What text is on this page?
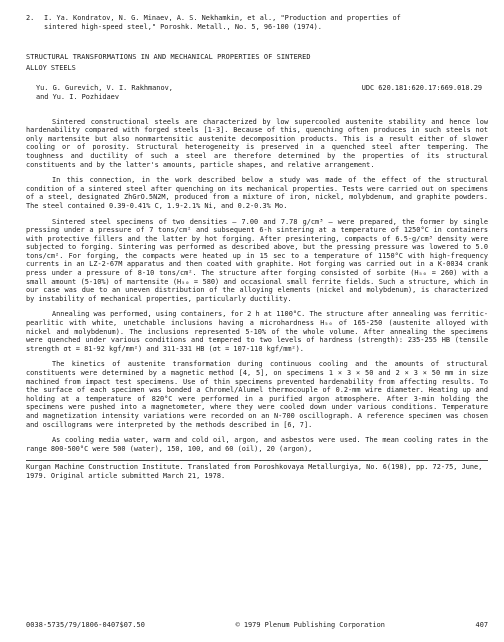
2.	I. Ya. Kondratov, N. G. Minaev, A. S. Nekhamkin, et al., "Production and properties of
sintered high-speed steel," Poroshk. Metall., No. 5, 96-100 (1974).
STRUCTURAL TRANSFORMATIONS IN AND MECHANICAL PROPERTIES OF SINTERED
ALLOY STEELS
Yu. G. Gurevich, V. I. Rakhmanov,
and Yu. I. Pozhidaev
UDC 620.181:620.17:669.018.29

Sintered constructional steels are characterized by low supercooled austenite stability and hence low hardenability compared with forged steels [1-3]. Because of this, quenching often produces in such steels not only martensite but also nonmartensitic austenite decomposition products. This is a result either of slower cooling or of porosity. Structural heterogeneity is preserved in a quenched steel after tempering. The toughness and ductility of such a steel are therefore determined by the properties of its structural constituents and by the latter's amounts, particle shapes, and relative arrangement.

In this connection, in the work described below a study was made of the effect of the structural condition of a sintered steel after quenching on its mechanical properties. Tests were carried out on specimens of a steel, designated ZhGrO.5N2M, produced from a mixture of iron, nickel, molybdenum, and graphite powders. The steel contained 0.39-0.41% C, 1.9-2.1% Ni, and 0.2-0.3% Mo.

Sintered steel specimens of two densities — 7.00 and 7.78 g/cm³ — were prepared, the former by single pressing under a pressure of 7 tons/cm² and subsequent 6-h sintering at a temperature of 1250°C in containers with protective fillers and the latter by hot forging. After presintering, compacts of 6.5-g/cm³ density were subjected to forging. Sintering was performed as described above, but the pressing pressure was lowered to 5.0 tons/cm². For forging, the compacts were heated up in 15 sec to a temperature of 1150°C with high-frequency currents in an LZ-2-67M apparatus and then coated with graphite. Hot forging was carried out in a K-0034 crank press under a pressure of 8-10 tons/cm². The structure after forging consisted of sorbite (H₅₀ = 260) with a small amount (5-10%) of martensite (H₅₀ = 580) and occasional small ferrite fields. Such a structure, which in our case was due to an uneven distribution of the alloying elements (nickel and molybdenum), is characterized by instability of mechanical properties, particularly ductility.

Annealing was performed, using containers, for 2 h at 1100°C. The structure after annealing was ferritic-pearlitic with white, unetchable inclusions having a microhardness H₅₀ of 165-250 (austenite alloyed with nickel and molybdenum). The inclusions represented 5-10% of the whole volume. After annealing the specimens were quenched under various conditions and tempered to two levels of hardness (strength): 235-255 HB (tensile strength σt = 81-92 kgf/mm²) and 311-331 HB (σt = 107-110 kgf/mm²).

The kinetics of austenite transformation during continuous cooling and the amounts of structural constituents were determined by a magnetic method [4, 5], on specimens 1 × 3 × 50 and 2 × 3 × 50 mm in size machined from impact test specimens. Use of thin specimens prevented hardenability from affecting results. To the surface of each specimen was bonded a Chromel/Alumel thermocouple of 0.2-mm wire diameter. Heating up and holding at a temperature of 820°C were performed in a purified argon atmosphere. After 3-min holding the specimens were pushed into a magnetometer, where they were cooled down under various conditions. Temperature and magnetization intensity variations were recorded on an N-700 oscillograph. A reference specimen was chosen and oscillograms were interpreted by the methods described in [6, 7].

As cooling media water, warm and cold oil, argon, and asbestos were used. The mean cooling rates in the range 800-500°C were 500 (water), 150, 100, and 60 (oil), 20 (argon),

Kurgan Machine Construction Institute. Translated from Poroshkovaya Metallurgiya, No. 6(198), pp. 72-75, June, 1979. Original article submitted March 21, 1978.

0038-5735/79/1806-0407$07.50	© 1979 Plenum Publishing Corporation	407
